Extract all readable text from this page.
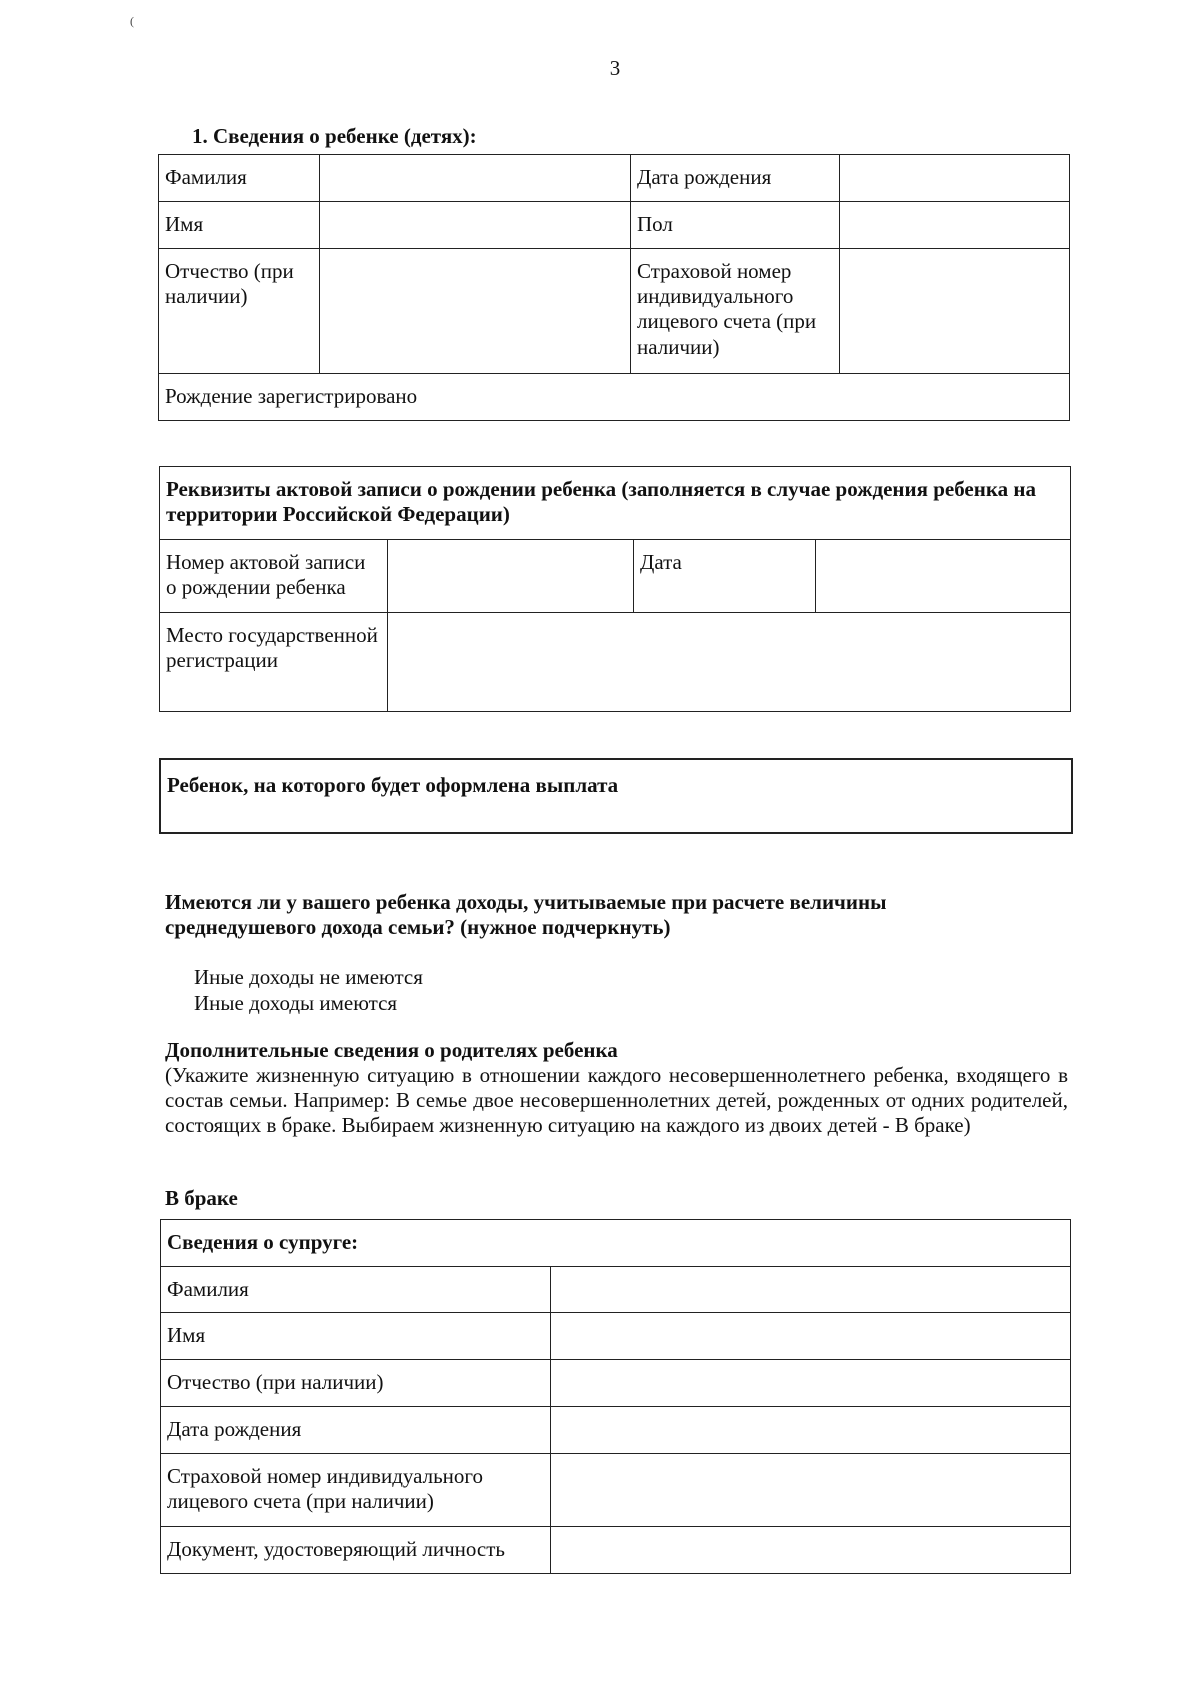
(
3
1. Сведения о ребенке (детях):
Фамилия		Дата рождения	
Имя		Пол	
Отчество (при наличии)		Страховой номер индивидуального лицевого счета (при наличии)	
Рождение зарегистрировано			
Реквизиты актовой записи о рождении ребенка (заполняется в случае рождения ребенка на территории Российской Федерации)			
Номер актовой записи о рождении ребенка		Дата	
Место государственной регистрации			
Ребенок, на которого будет оформлена выплата
Имеются ли у вашего ребенка доходы, учитываемые при расчете величины среднедушевого дохода семьи? (нужное подчеркнуть)
Иные доходы не имеются
Иные доходы имеются
Дополнительные сведения о родителях ребенка
(Укажите жизненную ситуацию в отношении каждого несовершеннолетнего ребенка, входящего в состав семьи. Например: В семье двое несовершеннолетних детей, рожденных от одних родителей, состоящих в браке. Выбираем жизненную ситуацию на каждого из двоих детей - В браке)
В браке
Сведения о супруге:	
Фамилия	
Имя	
Отчество (при наличии)	
Дата рождения	
Страховой номер индивидуального лицевого счета (при наличии)	
Документ, удостоверяющий личность	
